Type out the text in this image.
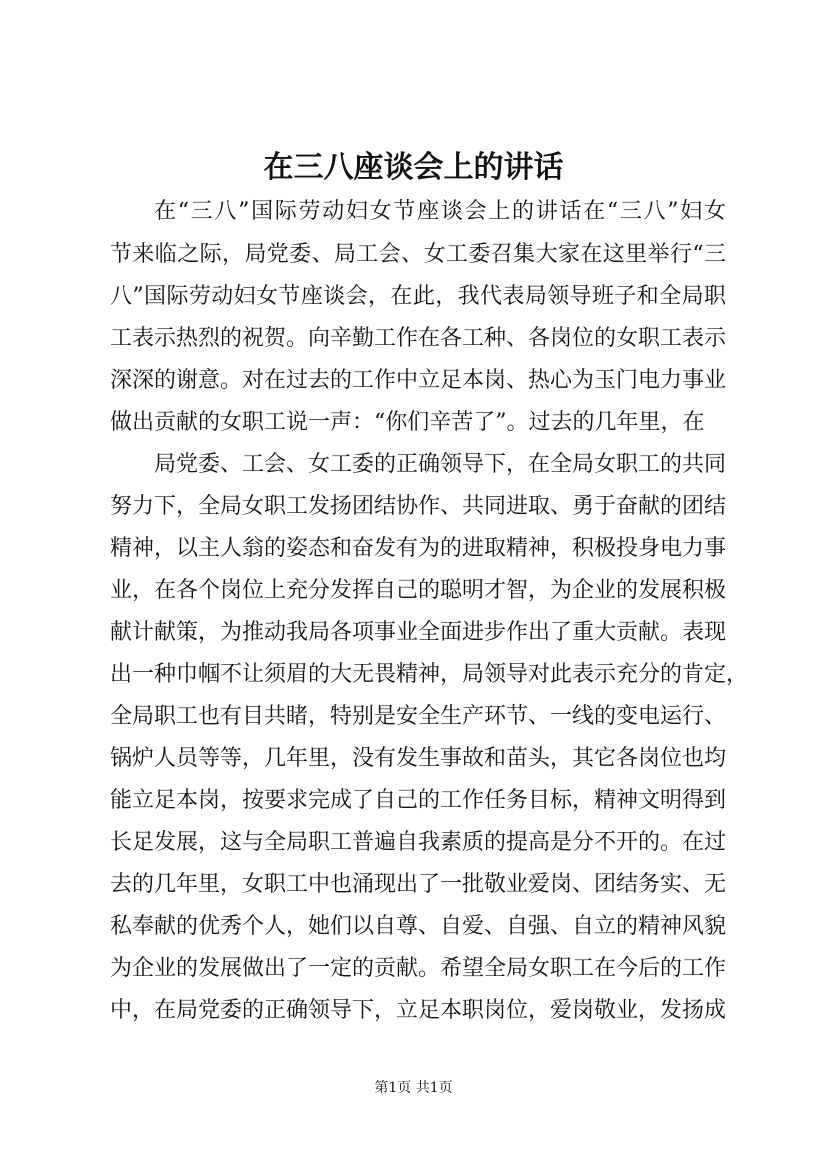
在三八座谈会上的讲话
在“三八”国际劳动妇女节座谈会上的讲话在“三八”妇女
节来临之际，局党委、局工会、女工委召集大家在这里举行“三
八”国际劳动妇女节座谈会，在此，我代表局领导班子和全局职
工表示热烈的祝贺。向辛勤工作在各工种、各岗位的女职工表示
深深的谢意。对在过去的工作中立足本岗、热心为玉门电力事业
做出贡献的女职工说一声：“你们辛苦了”。过去的几年里，在
局党委、工会、女工委的正确领导下，在全局女职工的共同
努力下，全局女职工发扬团结协作、共同进取、勇于奋献的团结
精神，以主人翁的姿态和奋发有为的进取精神，积极投身电力事
业，在各个岗位上充分发挥自己的聪明才智，为企业的发展积极
献计献策，为推动我局各项事业全面进步作出了重大贡献。表现
出一种巾帼不让须眉的大无畏精神，局领导对此表示充分的肯定，
全局职工也有目共睹，特别是安全生产环节、一线的变电运行、
锅炉人员等等，几年里，没有发生事故和苗头，其它各岗位也均
能立足本岗，按要求完成了自己的工作任务目标，精神文明得到
长足发展，这与全局职工普遍自我素质的提高是分不开的。在过
去的几年里，女职工中也涌现出了一批敬业爱岗、团结务实、无
私奉献的优秀个人，她们以自尊、自爱、自强、自立的精神风貌
为企业的发展做出了一定的贡献。希望全局女职工在今后的工作
中，在局党委的正确领导下，立足本职岗位，爱岗敬业，发扬成
第1页 共1页
